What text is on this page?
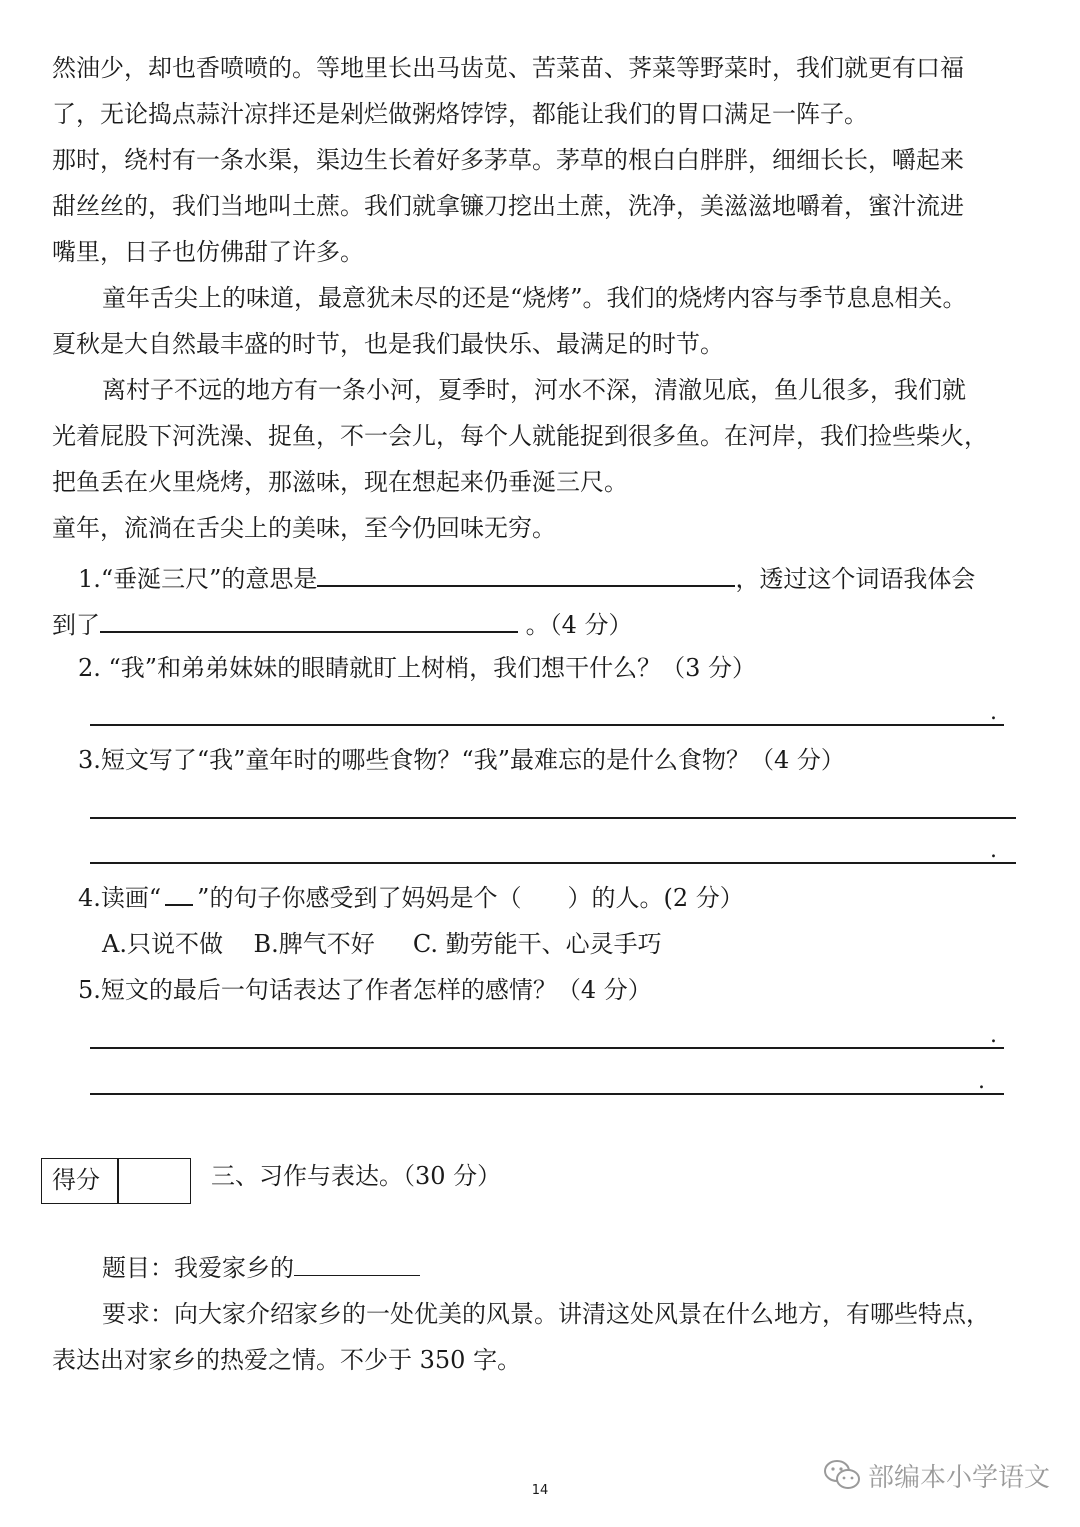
然油少，却也香喷喷的。等地里长出马齿苋、苦菜苗、荠菜等野菜时，我们就更有口福
了，无论捣点蒜汁凉拌还是剁烂做粥烙饽饽，都能让我们的胃口满足一阵子。
那时，绕村有一条水渠，渠边生长着好多茅草。茅草的根白白胖胖，细细长长，嚼起来
甜丝丝的，我们当地叫土蔗。我们就拿镰刀挖出土蔗，洗净，美滋滋地嚼着，蜜汁流进
嘴里，日子也仿佛甜了许多。
童年舌尖上的味道，最意犹未尽的还是“烧烤”。我们的烧烤内容与季节息息相关。
夏秋是大自然最丰盛的时节，也是我们最快乐、最满足的时节。
离村子不远的地方有一条小河，夏季时，河水不深，清澈见底，鱼儿很多，我们就
光着屁股下河洗澡、捉鱼，不一会儿，每个人就能捉到很多鱼。在河岸，我们捡些柴火，
把鱼丢在火里烧烤，那滋味，现在想起来仍垂涎三尺。
童年，流淌在舌尖上的美味，至今仍回味无穷。
1.“垂涎三尺”的意思是	，透过这个词语我体会
到了	。（4 分）
2. “我”和弟弟妹妹的眼睛就盯上树梢，我们想干什么？（3 分）
.
3.短文写了“我”童年时的哪些食物？“我”最难忘的是什么食物？（4 分）
.
4.读画“ ”的句子你感受到了妈妈是个（ ）的人。(2 分）
A.只说不做    B.脾气不好     C. 勤劳能干、心灵手巧
5.短文的最后一句话表达了作者怎样的感情？（4 分）
.
.
得分	三、习作与表达。（30 分）
题目：我爱家乡的
要求：向大家介绍家乡的一处优美的风景。讲清这处风景在什么地方，有哪些特点，
表达出对家乡的热爱之情。不少于 350 字。
14	部编本小学语文
